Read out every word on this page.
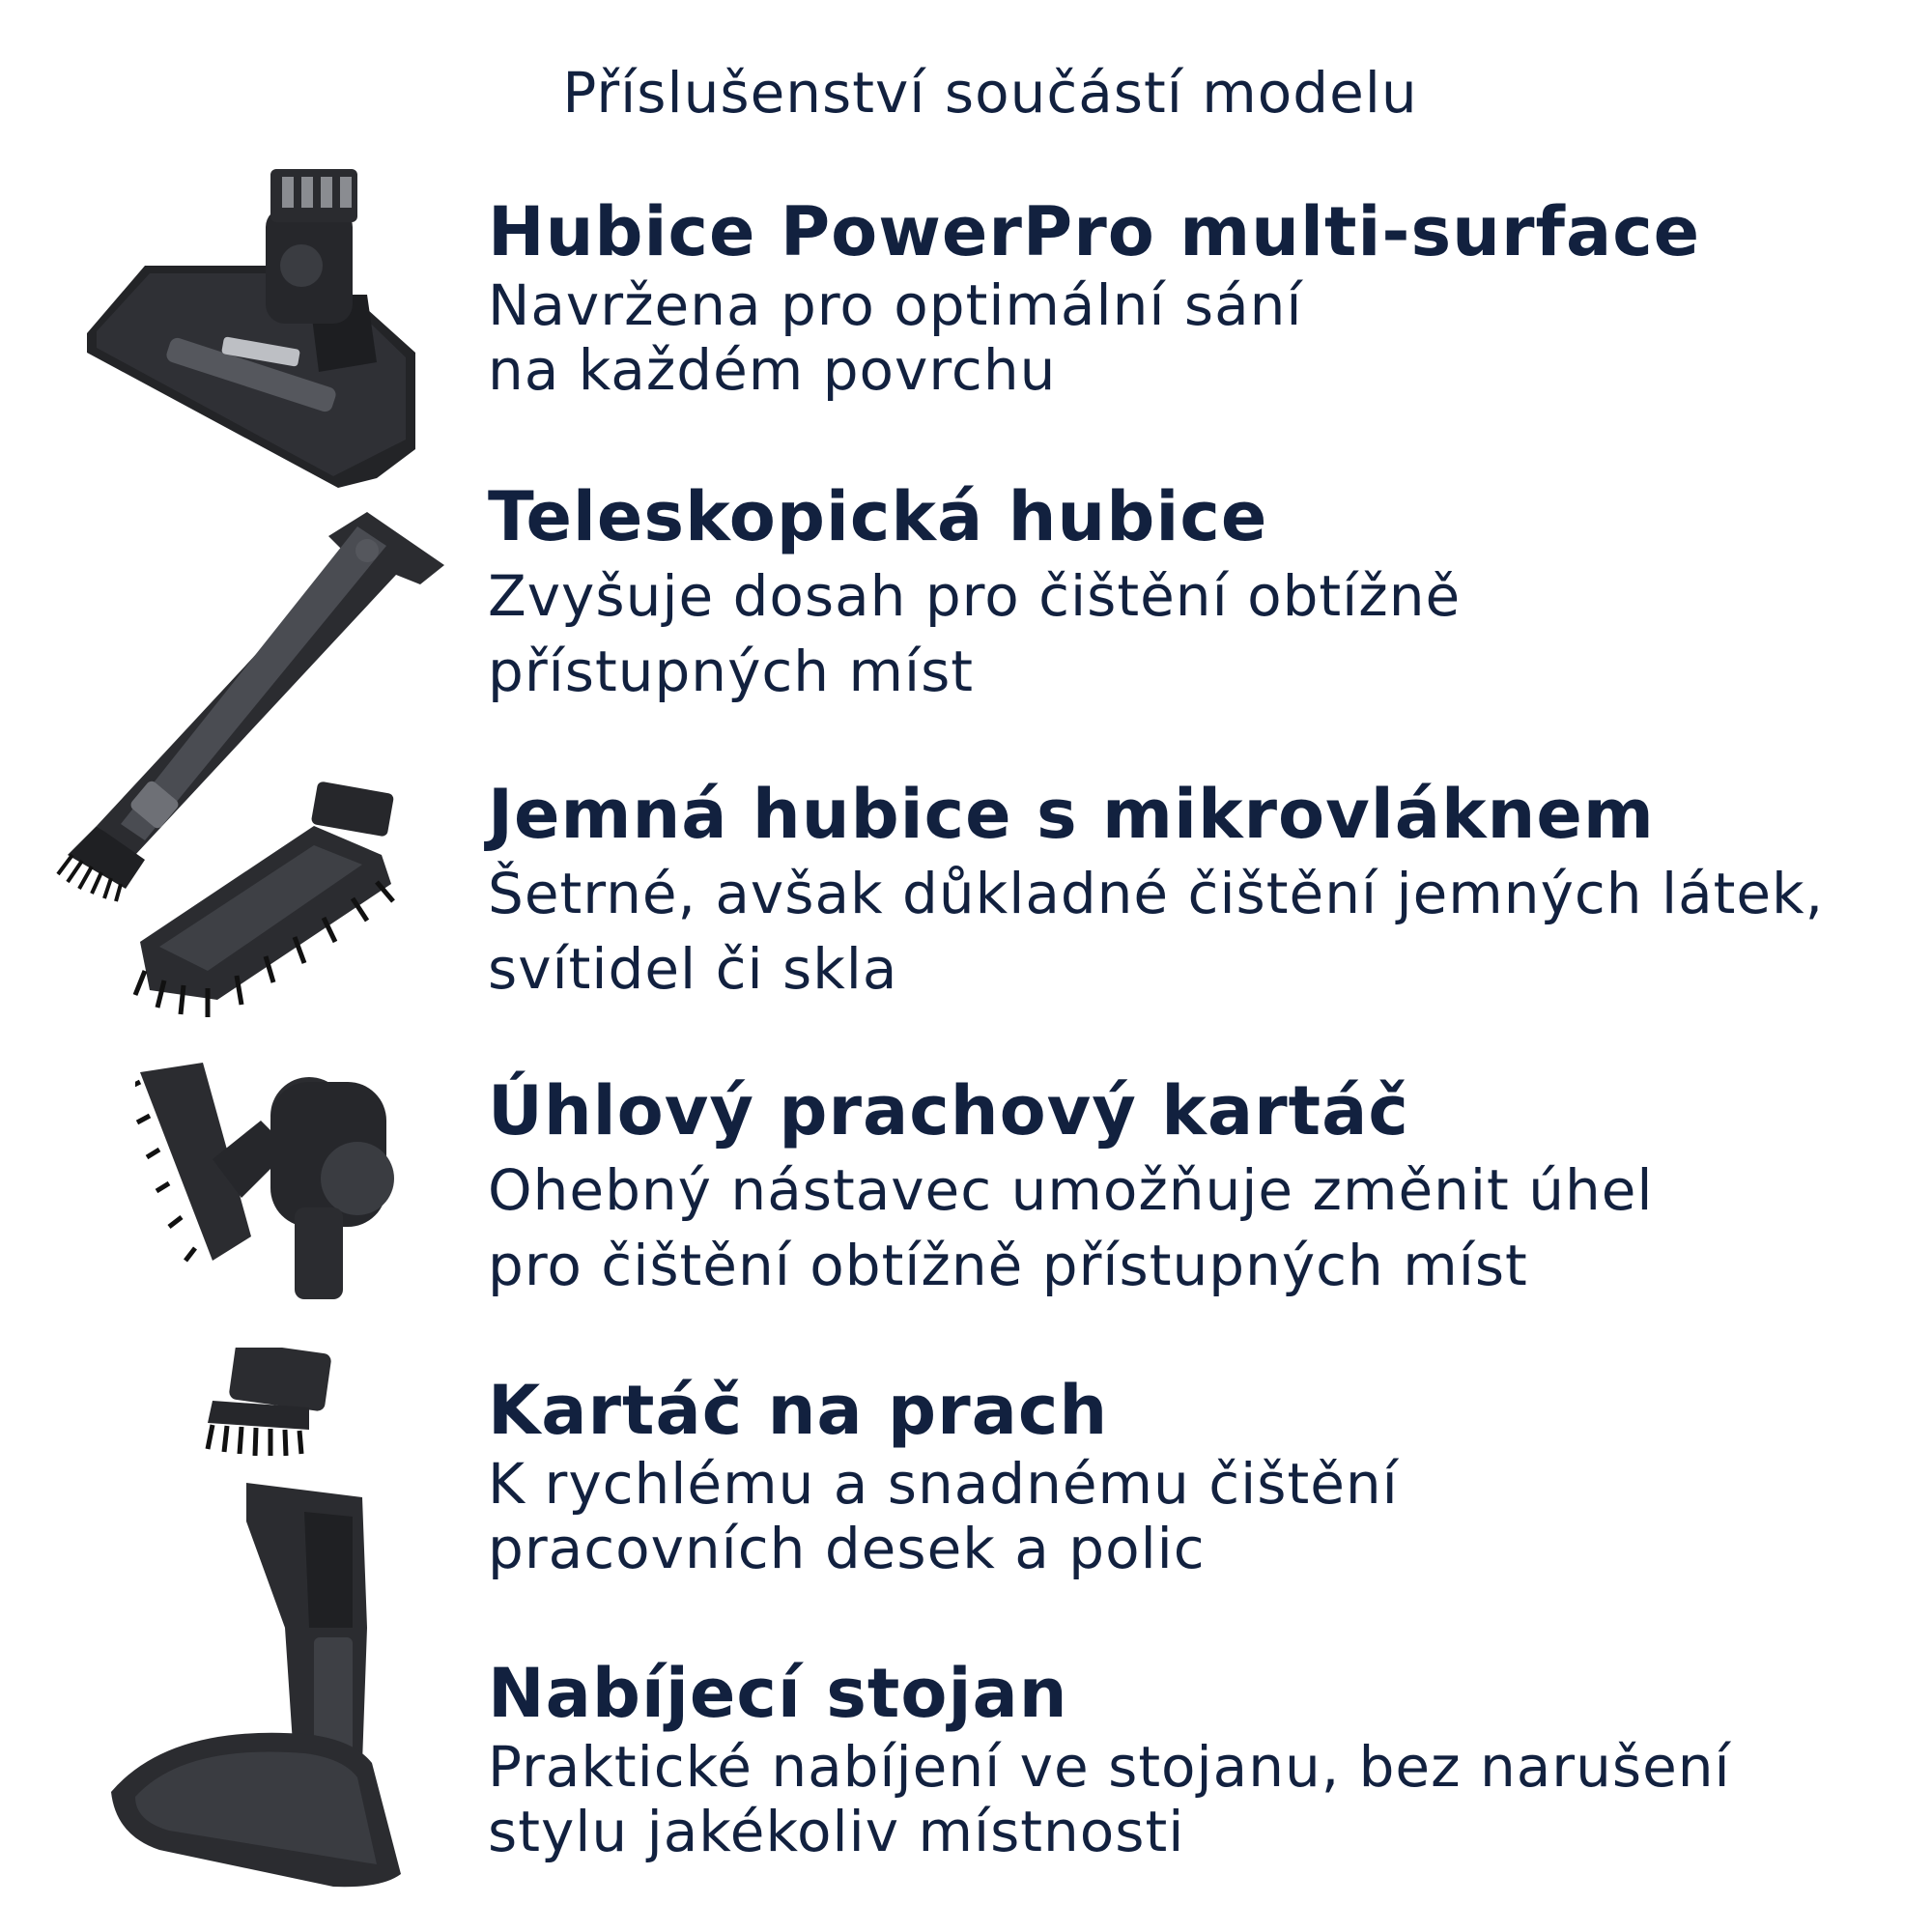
Příslušenství součástí modelu
Hubice PowerPro multi-surface
Navržena pro optimální sání
na každém povrchu
Teleskopická hubice
Zvyšuje dosah pro čištění obtížně
přístupných míst
Jemná hubice s mikrovláknem
Šetrné, avšak důkladné čištění jemných látek,
svítidel či skla
Úhlový prachový kartáč
Ohebný nástavec umožňuje změnit úhel
pro čištění obtížně přístupných míst
Kartáč na prach
K rychlému a snadnému čištění
pracovních desek a polic
Nabíjecí stojan
Praktické nabíjení ve stojanu, bez narušení
stylu jakékoliv místnosti
